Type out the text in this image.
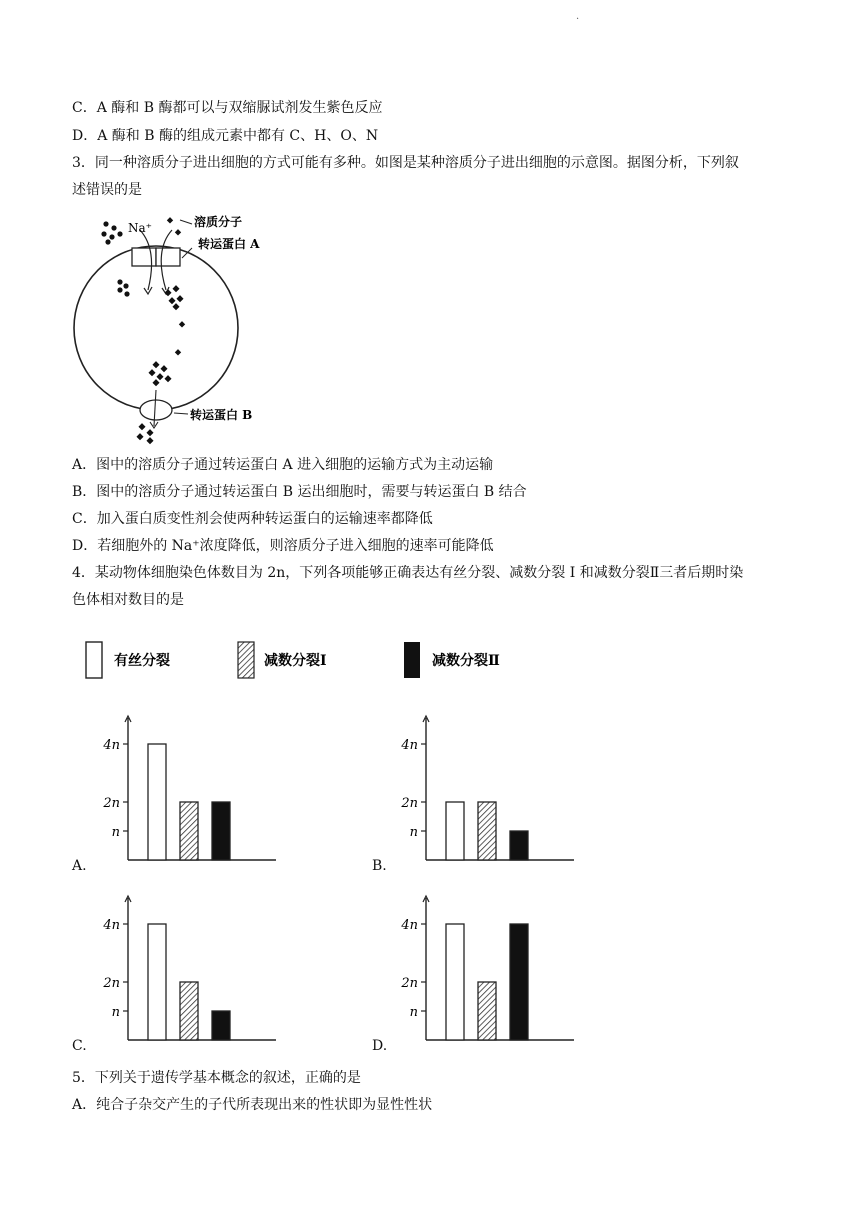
·
C．A 酶和 B 酶都可以与双缩脲试剂发生紫色反应
D．A 酶和 B 酶的组成元素中都有 C、H、O、N
3．同一种溶质分子进出细胞的方式可能有多种。如图是某种溶质分子进出细胞的示意图。据图分析，下列叙
述错误的是
Na⁺	溶质分子
转运蛋白 A
转运蛋白 B
A．图中的溶质分子通过转运蛋白 A 进入细胞的运输方式为主动运输
B．图中的溶质分子通过转运蛋白 B 运出细胞时，需要与转运蛋白 B 结合
C．加入蛋白质变性剂会使两种转运蛋白的运输速率都降低
D．若细胞外的 Na⁺浓度降低，则溶质分子进入细胞的速率可能降低
4．某动物体细胞染色体数目为 2n，下列各项能够正确表达有丝分裂、减数分裂 I 和减数分裂Ⅱ三者后期时染
色体相对数目的是
有丝分裂	减数分裂Ⅰ	减数分裂Ⅱ
4n
2n
n
4n
2n
n
4n
2n
n
4n
2n
n
A.	B.
C.	D.
5．下列关于遗传学基本概念的叙述，正确的是
A．纯合子杂交产生的子代所表现出来的性状即为显性性状
